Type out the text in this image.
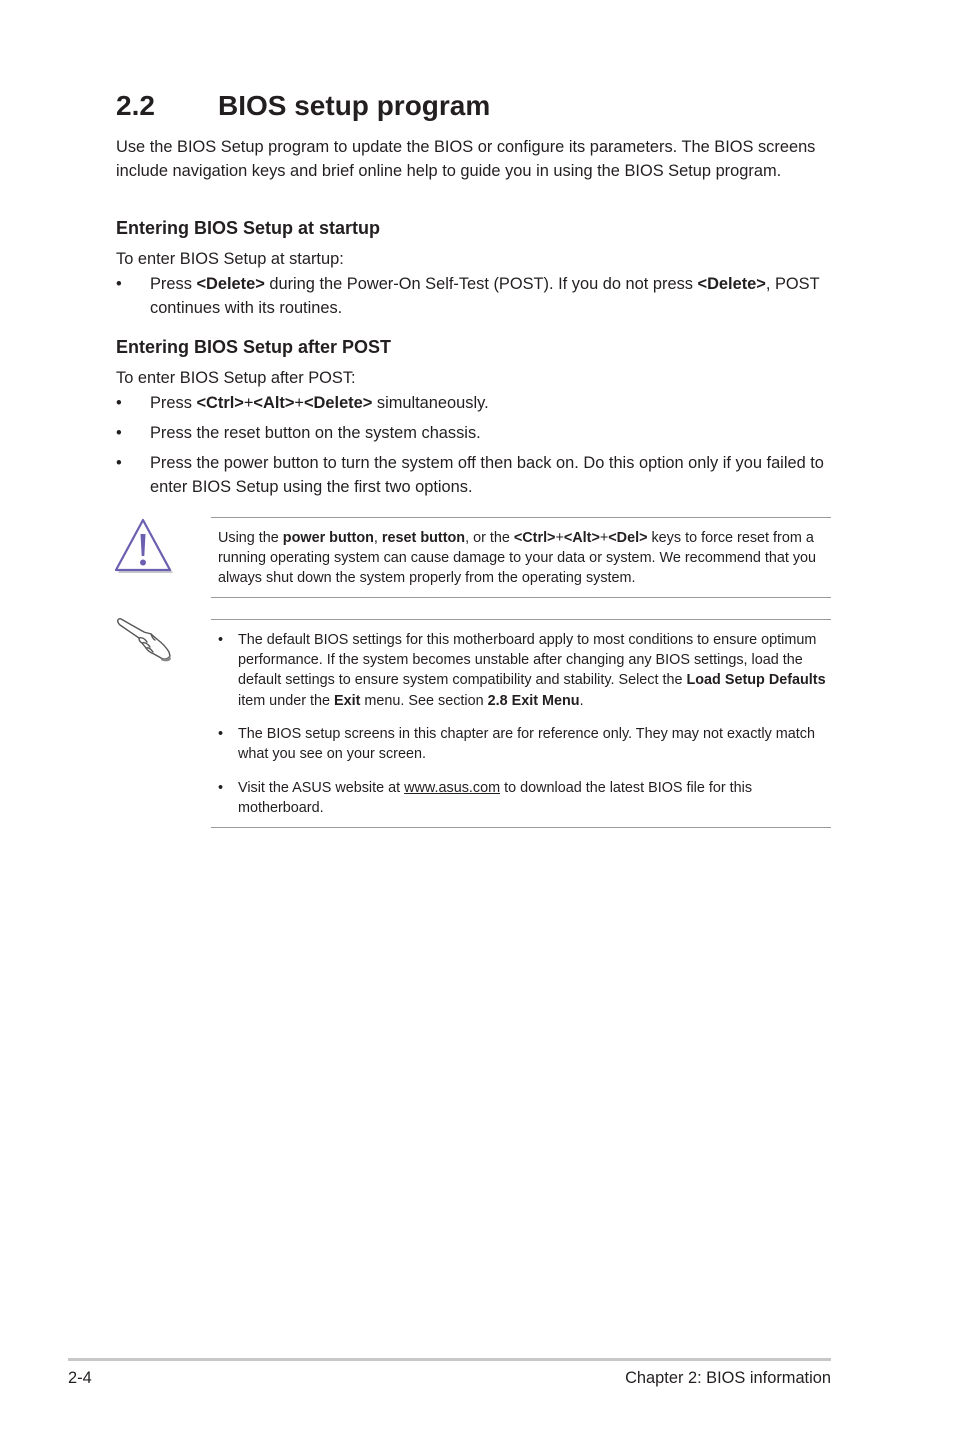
2.2 BIOS setup program

Use the BIOS Setup program to update the BIOS or configure its parameters. The BIOS screens include navigation keys and brief online help to guide you in using the BIOS Setup program.

Entering BIOS Setup at startup

To enter BIOS Setup at startup:

• Press <Delete> during the Power-On Self-Test (POST). If you do not press <Delete>, POST continues with its routines.
Entering BIOS Setup after POST

To enter BIOS Setup after POST:

• Press <Ctrl>+<Alt>+<Delete> simultaneously.
• Press the reset button on the system chassis.
• Press the power button to turn the system off then back on. Do this option only if you failed to enter BIOS Setup using the first two options.
Using the power button, reset button, or the <Ctrl>+<Alt>+<Del> keys to force reset from a running operating system can cause damage to your data or system. We recommend that you always shut down the system properly from the operating system.
• The default BIOS settings for this motherboard apply to most conditions to ensure optimum performance. If the system becomes unstable after changing any BIOS settings, load the default settings to ensure system compatibility and stability. Select the Load Setup Defaults item under the Exit menu. See section 2.8 Exit Menu.
• The BIOS setup screens in this chapter are for reference only. They may not exactly match what you see on your screen.
• Visit the ASUS website at www.asus.com to download the latest BIOS file for this motherboard.
2-4	Chapter 2: BIOS information
